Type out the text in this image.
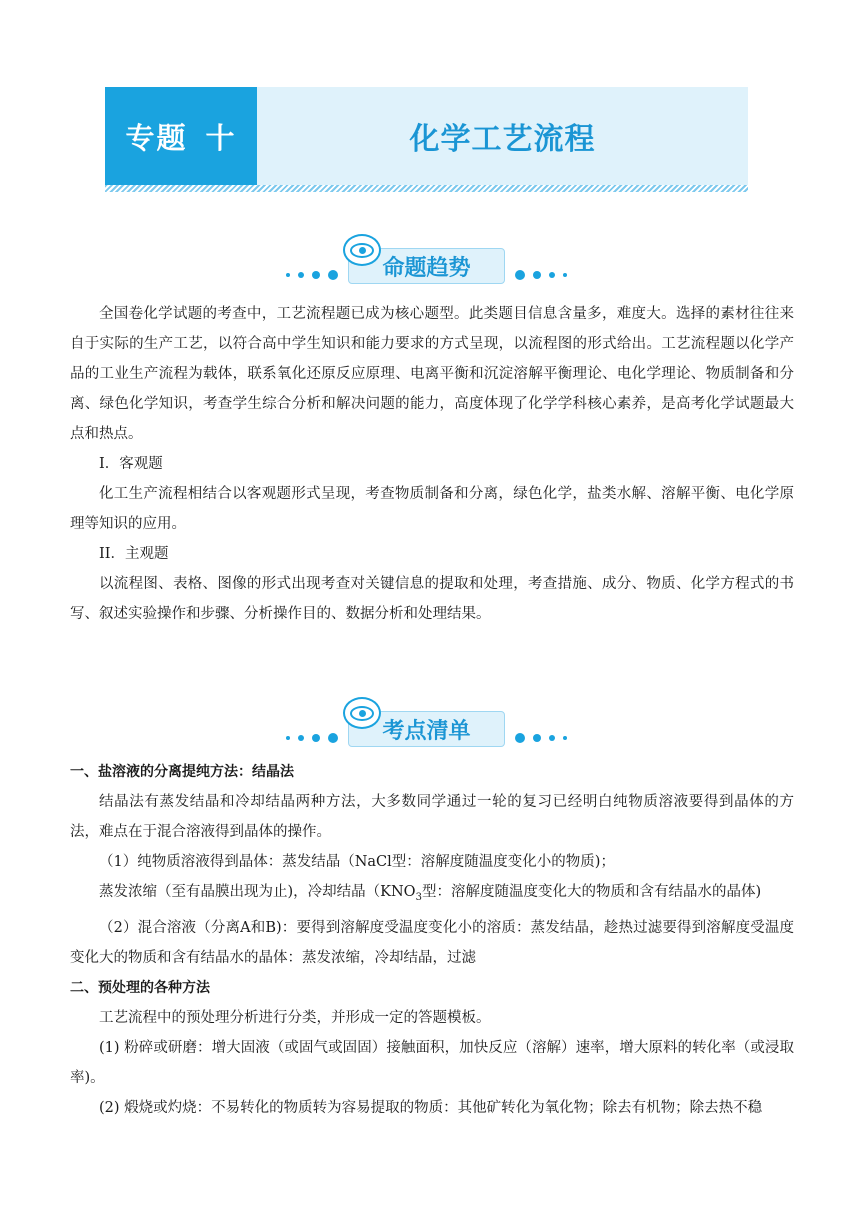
专题 十	化学工艺流程
命题趋势

全国卷化学试题的考查中，工艺流程题已成为核心题型。此类题目信息含量多，难度大。选择的素材往往来自于实际的生产工艺，以符合高中学生知识和能力要求的方式呈现，以流程图的形式给出。工艺流程题以化学产品的工业生产流程为载体，联系氧化还原反应原理、电离平衡和沉淀溶解平衡理论、电化学理论、物质制备和分离、绿色化学知识，考查学生综合分析和解决问题的能力，高度体现了化学学科核心素养，是高考化学试题最大点和热点。

I．客观题

化工生产流程相结合以客观题形式呈现，考查物质制备和分离，绿色化学，盐类水解、溶解平衡、电化学原理等知识的应用。

II．主观题

以流程图、表格、图像的形式出现考查对关键信息的提取和处理，考查措施、成分、物质、化学方程式的书写、叙述实验操作和步骤、分析操作目的、数据分析和处理结果。

考点清单

一、盐溶液的分离提纯方法：结晶法

结晶法有蒸发结晶和冷却结晶两种方法，大多数同学通过一轮的复习已经明白纯物质溶液要得到晶体的方法，难点在于混合溶液得到晶体的操作。

（1）纯物质溶液得到晶体：蒸发结晶（NaCl型：溶解度随温度变化小的物质)；

蒸发浓缩（至有晶膜出现为止)，冷却结晶（$KNO_3$型：溶解度随温度变化大的物质和含有结晶水的晶体)

（2）混合溶液（分离A和B)：要得到溶解度受温度变化小的溶质：蒸发结晶，趁热过滤要得到溶解度受温度变化大的物质和含有结晶水的晶体：蒸发浓缩，冷却结晶，过滤

二、预处理的各种方法

工艺流程中的预处理分析进行分类，并形成一定的答题模板。

(1) 粉碎或研磨：增大固液（或固气或固固）接触面积，加快反应（溶解）速率，增大原料的转化率（或浸取率)。

(2) 煅烧或灼烧：不易转化的物质转为容易提取的物质：其他矿转化为氧化物；除去有机物；除去热不稳
